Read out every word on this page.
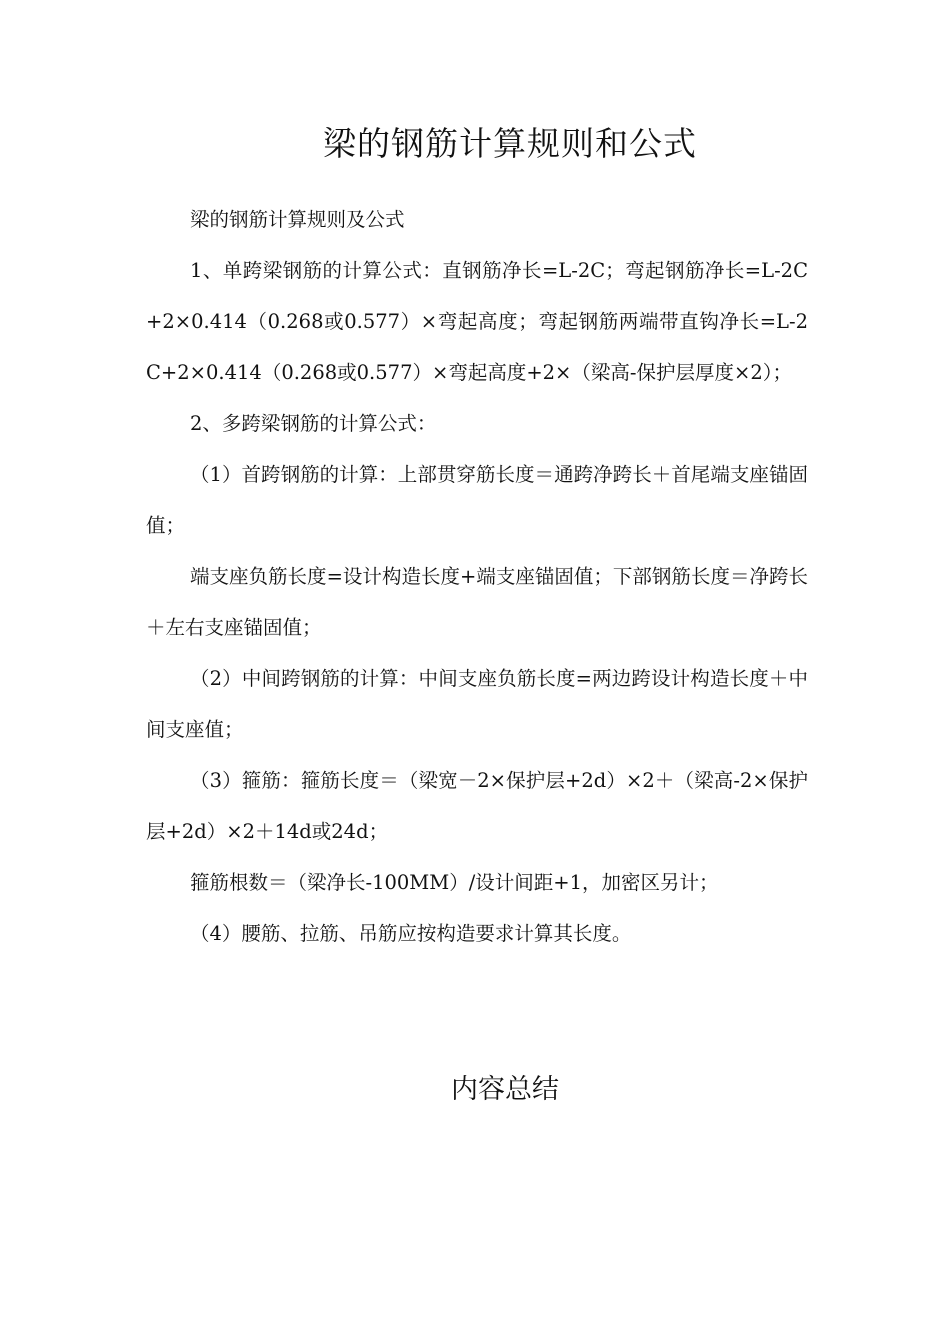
梁的钢筋计算规则和公式

梁的钢筋计算规则及公式

1、单跨梁钢筋的计算公式：直钢筋净长=L-2C；弯起钢筋净长=L-2C+2×0.414（0.268或0.577）×弯起高度；弯起钢筋两端带直钩净长=L-2C+2×0.414（0.268或0.577）×弯起高度+2×（梁高-保护层厚度×2）；

2、多跨梁钢筋的计算公式：

（1）首跨钢筋的计算：上部贯穿筋长度＝通跨净跨长＋首尾端支座锚固值；

端支座负筋长度=设计构造长度+端支座锚固值；下部钢筋长度＝净跨长＋左右支座锚固值；

（2）中间跨钢筋的计算：中间支座负筋长度=两边跨设计构造长度＋中间支座值；

（3）箍筋：箍筋长度＝（梁宽－2×保护层+2d）×2＋（梁高-2×保护层+2d）×2＋14d或24d；

箍筋根数＝（梁净长-100MM）/设计间距+1，加密区另计；

（4）腰筋、拉筋、吊筋应按构造要求计算其长度。

内容总结
